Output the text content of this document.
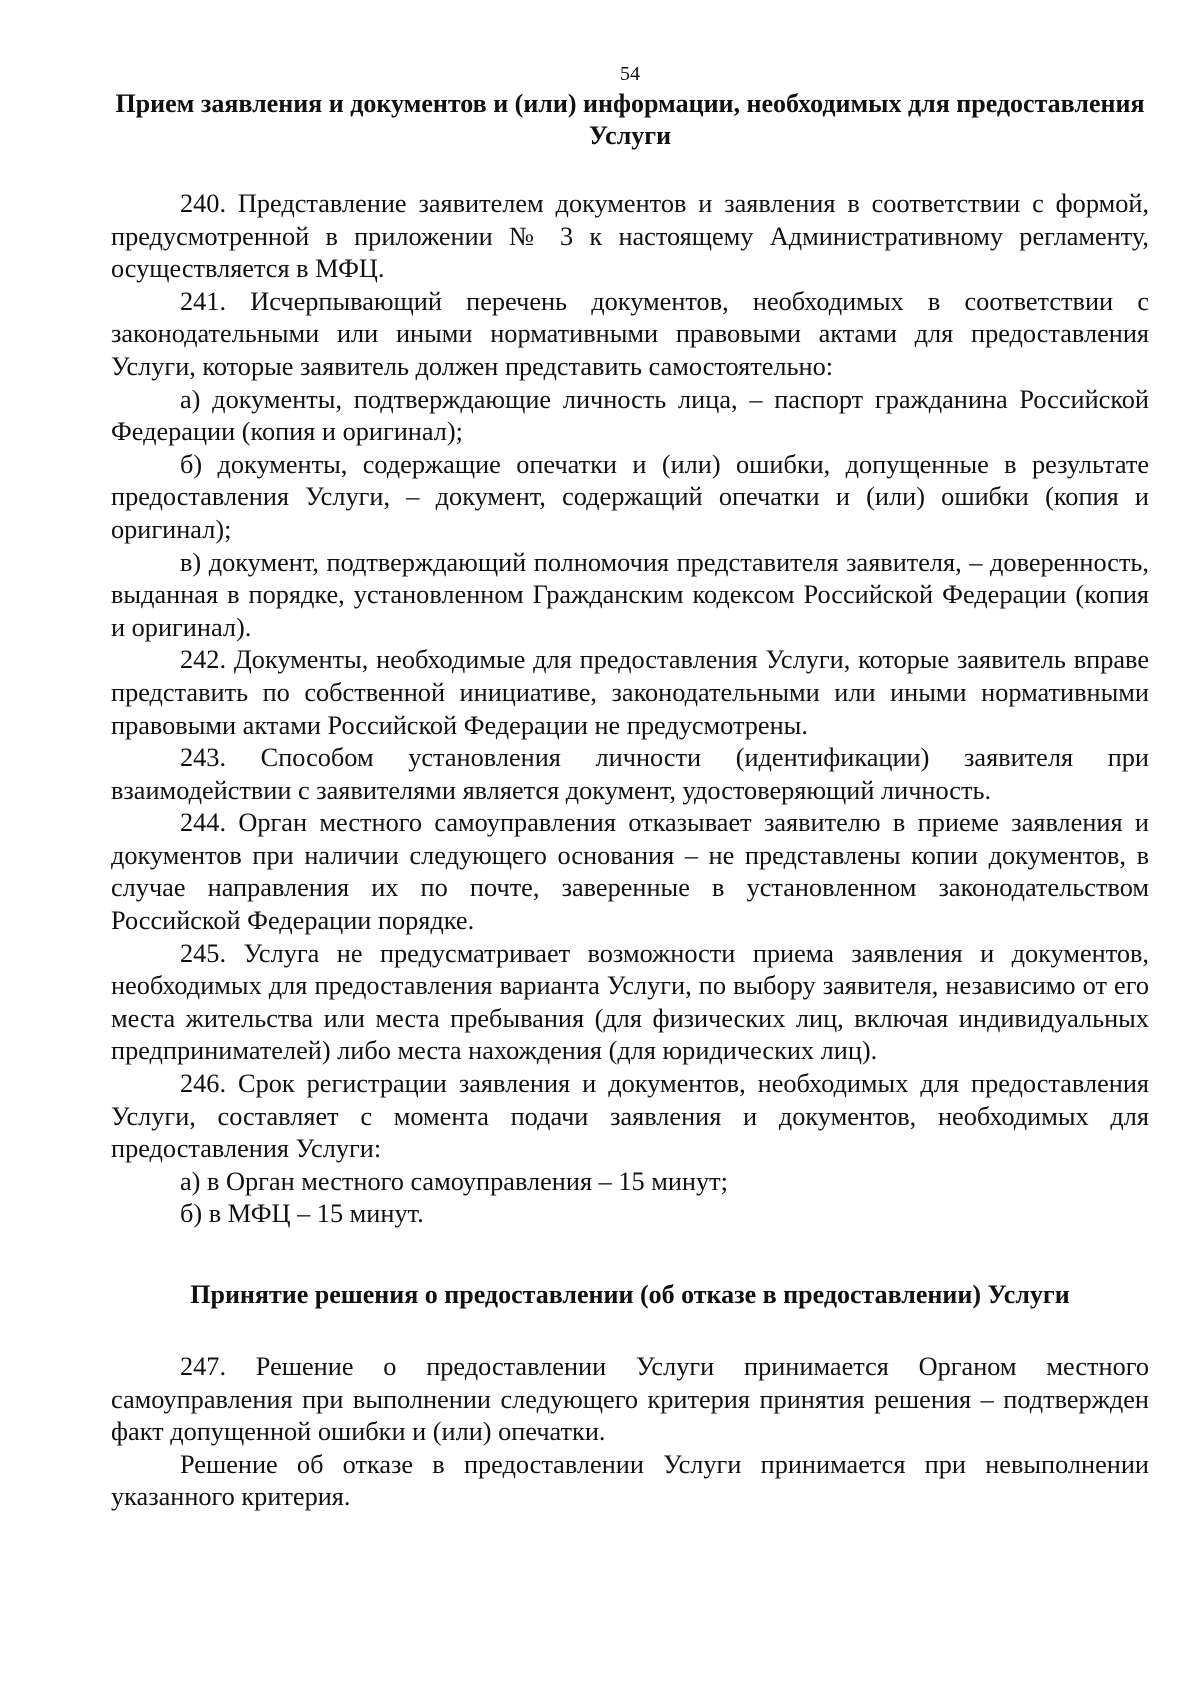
54
Прием заявления и документов и (или) информации, необходимых для предоставления Услуги

240. Представление заявителем документов и заявления в соответствии с формой, предусмотренной в приложении № 3 к настоящему Административному регламенту, осуществляется в МФЦ.

241. Исчерпывающий перечень документов, необходимых в соответствии с законодательными или иными нормативными правовыми актами для предоставления Услуги, которые заявитель должен представить самостоятельно:

а) документы, подтверждающие личность лица, – паспорт гражданина Российской Федерации (копия и оригинал);

б) документы, содержащие опечатки и (или) ошибки, допущенные в результате предоставления Услуги, – документ, содержащий опечатки и (или) ошибки (копия и оригинал);

в) документ, подтверждающий полномочия представителя заявителя, – доверенность, выданная в порядке, установленном Гражданским кодексом Российской Федерации (копия и оригинал).

242. Документы, необходимые для предоставления Услуги, которые заявитель вправе представить по собственной инициативе, законодательными или иными нормативными правовыми актами Российской Федерации не предусмотрены.

243. Способом установления личности (идентификации) заявителя при взаимодействии с заявителями является документ, удостоверяющий личность.

244. Орган местного самоуправления отказывает заявителю в приеме заявления и документов при наличии следующего основания – не представлены копии документов, в случае направления их по почте, заверенные в установленном законодательством Российской Федерации порядке.

245. Услуга не предусматривает возможности приема заявления и документов, необходимых для предоставления варианта Услуги, по выбору заявителя, независимо от его места жительства или места пребывания (для физических лиц, включая индивидуальных предпринимателей) либо места нахождения (для юридических лиц).

246. Срок регистрации заявления и документов, необходимых для предоставления Услуги, составляет с момента подачи заявления и документов, необходимых для предоставления Услуги:

а) в Орган местного самоуправления – 15 минут;

б) в МФЦ – 15 минут.

Принятие решения о предоставлении (об отказе в предоставлении) Услуги

247. Решение о предоставлении Услуги принимается Органом местного самоуправления при выполнении следующего критерия принятия решения – подтвержден факт допущенной ошибки и (или) опечатки.

Решение об отказе в предоставлении Услуги принимается при невыполнении указанного критерия.
